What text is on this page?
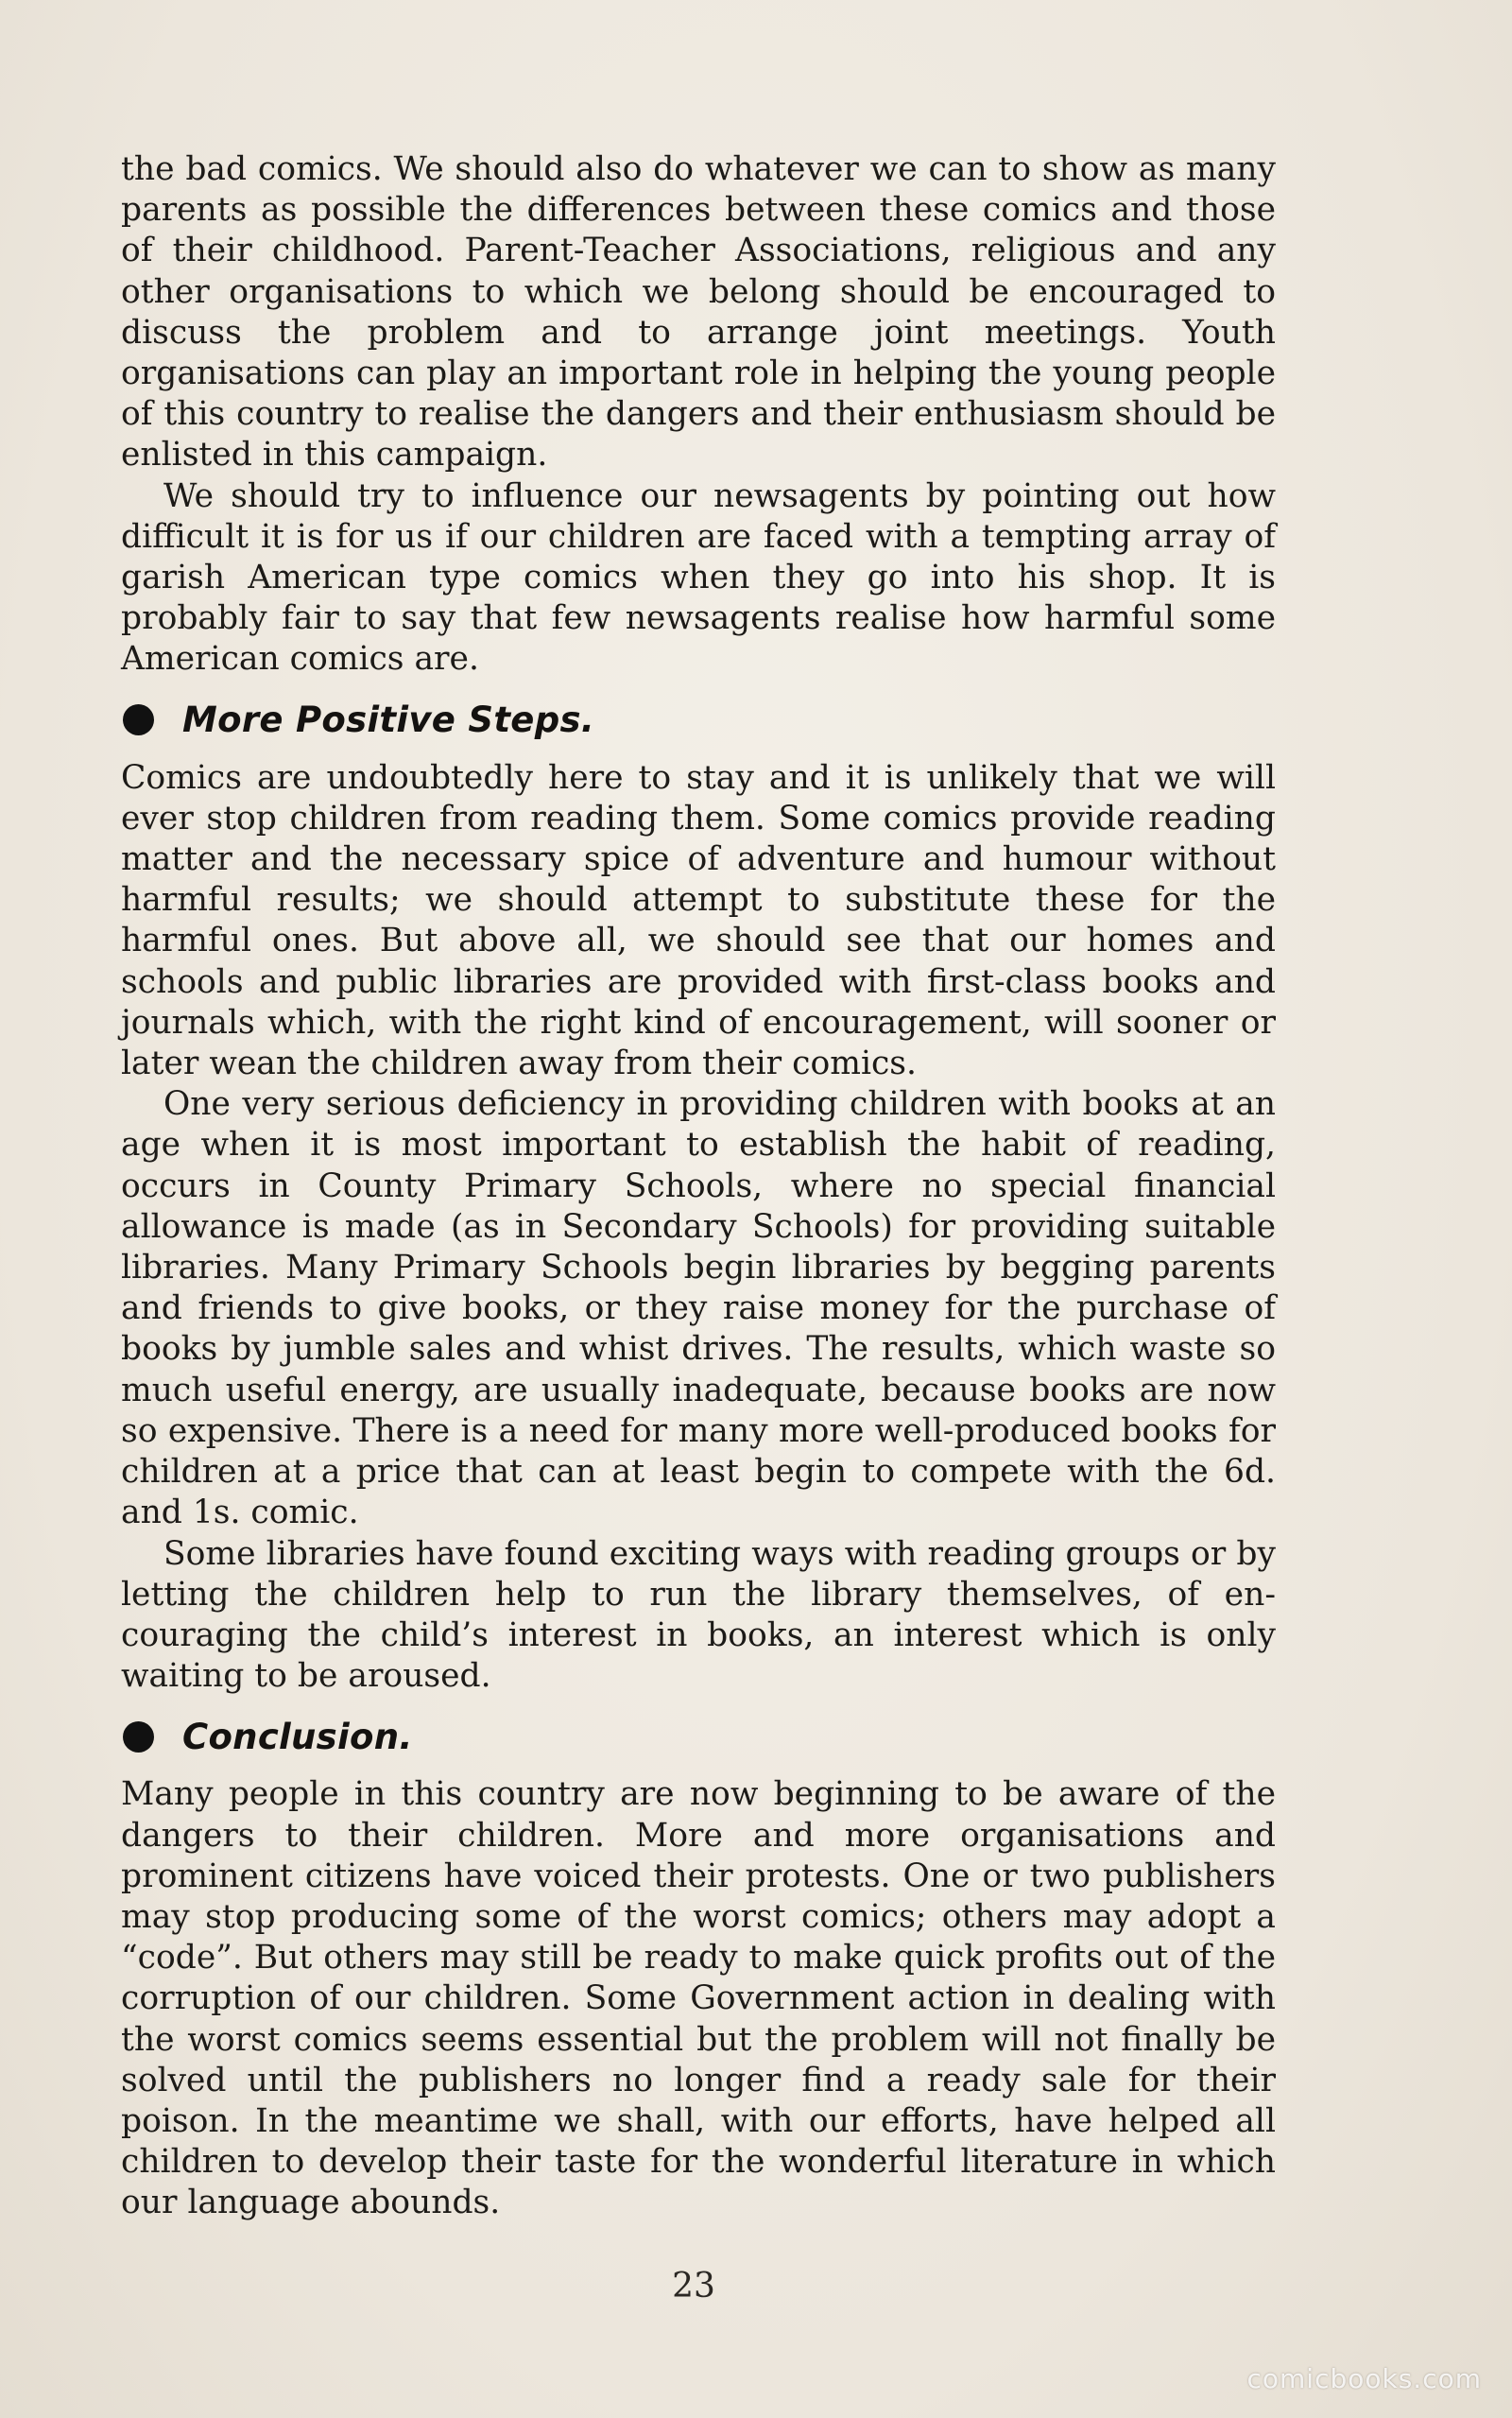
the bad comics. We should also do whatever we can to show as many parents as possible the differences between these comics and those of their childhood. Parent-Teacher Associations, religious and any other organisations to which we belong should be encouraged to discuss the problem and to arrange joint meetings. Youth organisations can play an important role in helping the young people of this country to realise the dangers and their enthusiasm should be enlisted in this campaign.

We should try to influence our newsagents by pointing out how difficult it is for us if our children are faced with a tempting array of garish American type comics when they go into his shop. It is probably fair to say that few newsagents realise how harmful some American comics are.

More Positive Steps.

Comics are undoubtedly here to stay and it is unlikely that we will ever stop children from reading them. Some comics provide reading matter and the necessary spice of adventure and humour without harmful results; we should attempt to substitute these for the harmful ones. But above all, we should see that our homes and schools and public libraries are provided with first-class books and journals which, with the right kind of encouragement, will sooner or later wean the children away from their comics.

One very serious deficiency in providing children with books at an age when it is most important to establish the habit of reading, occurs in County Primary Schools, where no special financial allowance is made (as in Secondary Schools) for providing suitable libraries. Many Primary Schools begin libraries by begging parents and friends to give books, or they raise money for the purchase of books by jumble sales and whist drives. The results, which waste so much useful energy, are usually inadequate, because books are now so expensive. There is a need for many more well-produced books for children at a price that can at least begin to compete with the 6d. and 1s. comic.

Some libraries have found exciting ways with reading groups or by letting the children help to run the library themselves, of encouraging the child’s interest in books, an interest which is only waiting to be aroused.

Conclusion.

Many people in this country are now beginning to be aware of the dangers to their children. More and more organisations and prominent citizens have voiced their protests. One or two publishers may stop producing some of the worst comics; others may adopt a “code”. But others may still be ready to make quick profits out of the corruption of our children. Some Government action in dealing with the worst comics seems essential but the problem will not finally be solved until the publishers no longer find a ready sale for their poison. In the meantime we shall, with our efforts, have helped all children to develop their taste for the wonderful literature in which our language abounds.

23
comicbooks.com
